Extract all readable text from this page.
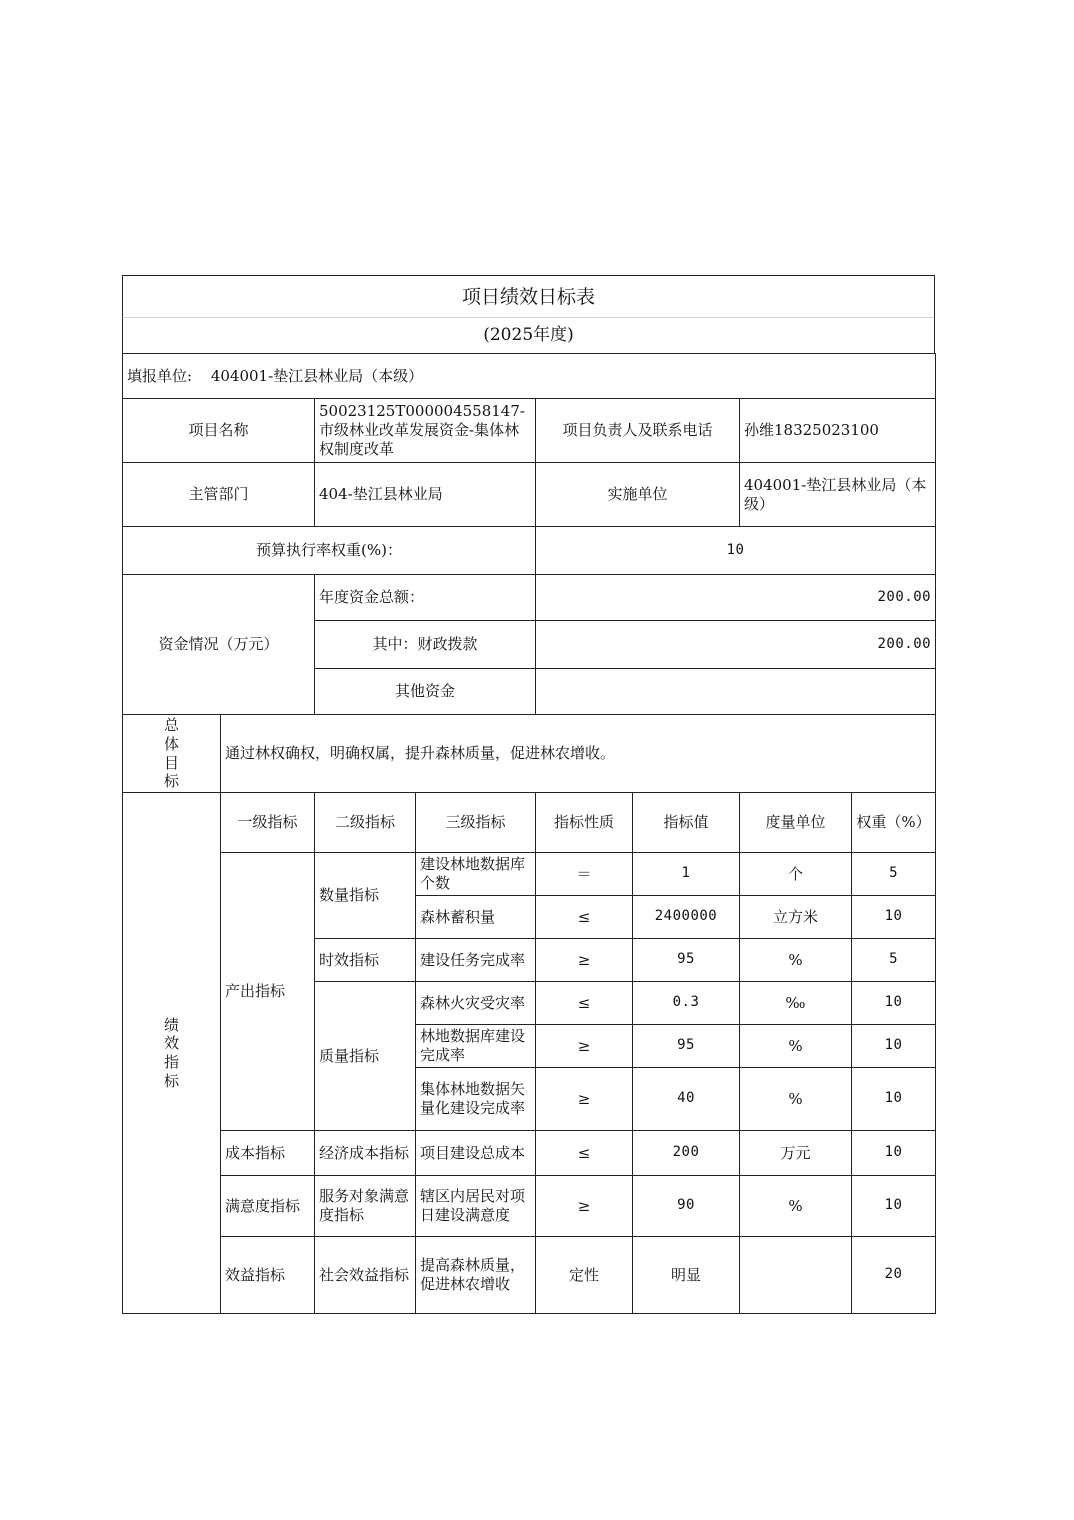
项日绩效日标表
(2025年度)
填报单位: 404001-垫江县林业局（本级）							
项目名称		50023125T000004558147-市级林业改革发展资金-集体林权制度改革		项目负责人及联系电话		孙维18325023100	
主管部门		404-垫江县林业局		实施单位		404001-垫江县林业局（本级）	
预算执行率权重(%)：				10			
资金情况（万元）		年度资金总额：		200.00			
		其中：财政拨款		200.00			
		其他资金					

总体目标	通过林权确权，明确权属，提升森林质量，促进林农增收。						

绩效指标	一级指标	二级指标	三级指标	指标性质	指标值	度量单位	权重（%）
	产出指标	数量指标	建设林地数据库个数	＝	1	个	5
			森林蓄积量	≤	2400000	立方米	10
		时效指标	建设任务完成率	≥	95	%	5
		质量指标	森林火灾受灾率	≤	0.3	‰	10
			林地数据库建设完成率	≥	95	%	10
			集体林地数据矢量化建设完成率	≥	40	%	10
	成本指标	经济成本指标	项目建设总成本	≤	200	万元	10
	满意度指标	服务对象满意度指标	辖区内居民对项日建设满意度	≥	90	%	10
	效益指标	社会效益指标	提高森林质量，促进林农增收	定性	明显		20
